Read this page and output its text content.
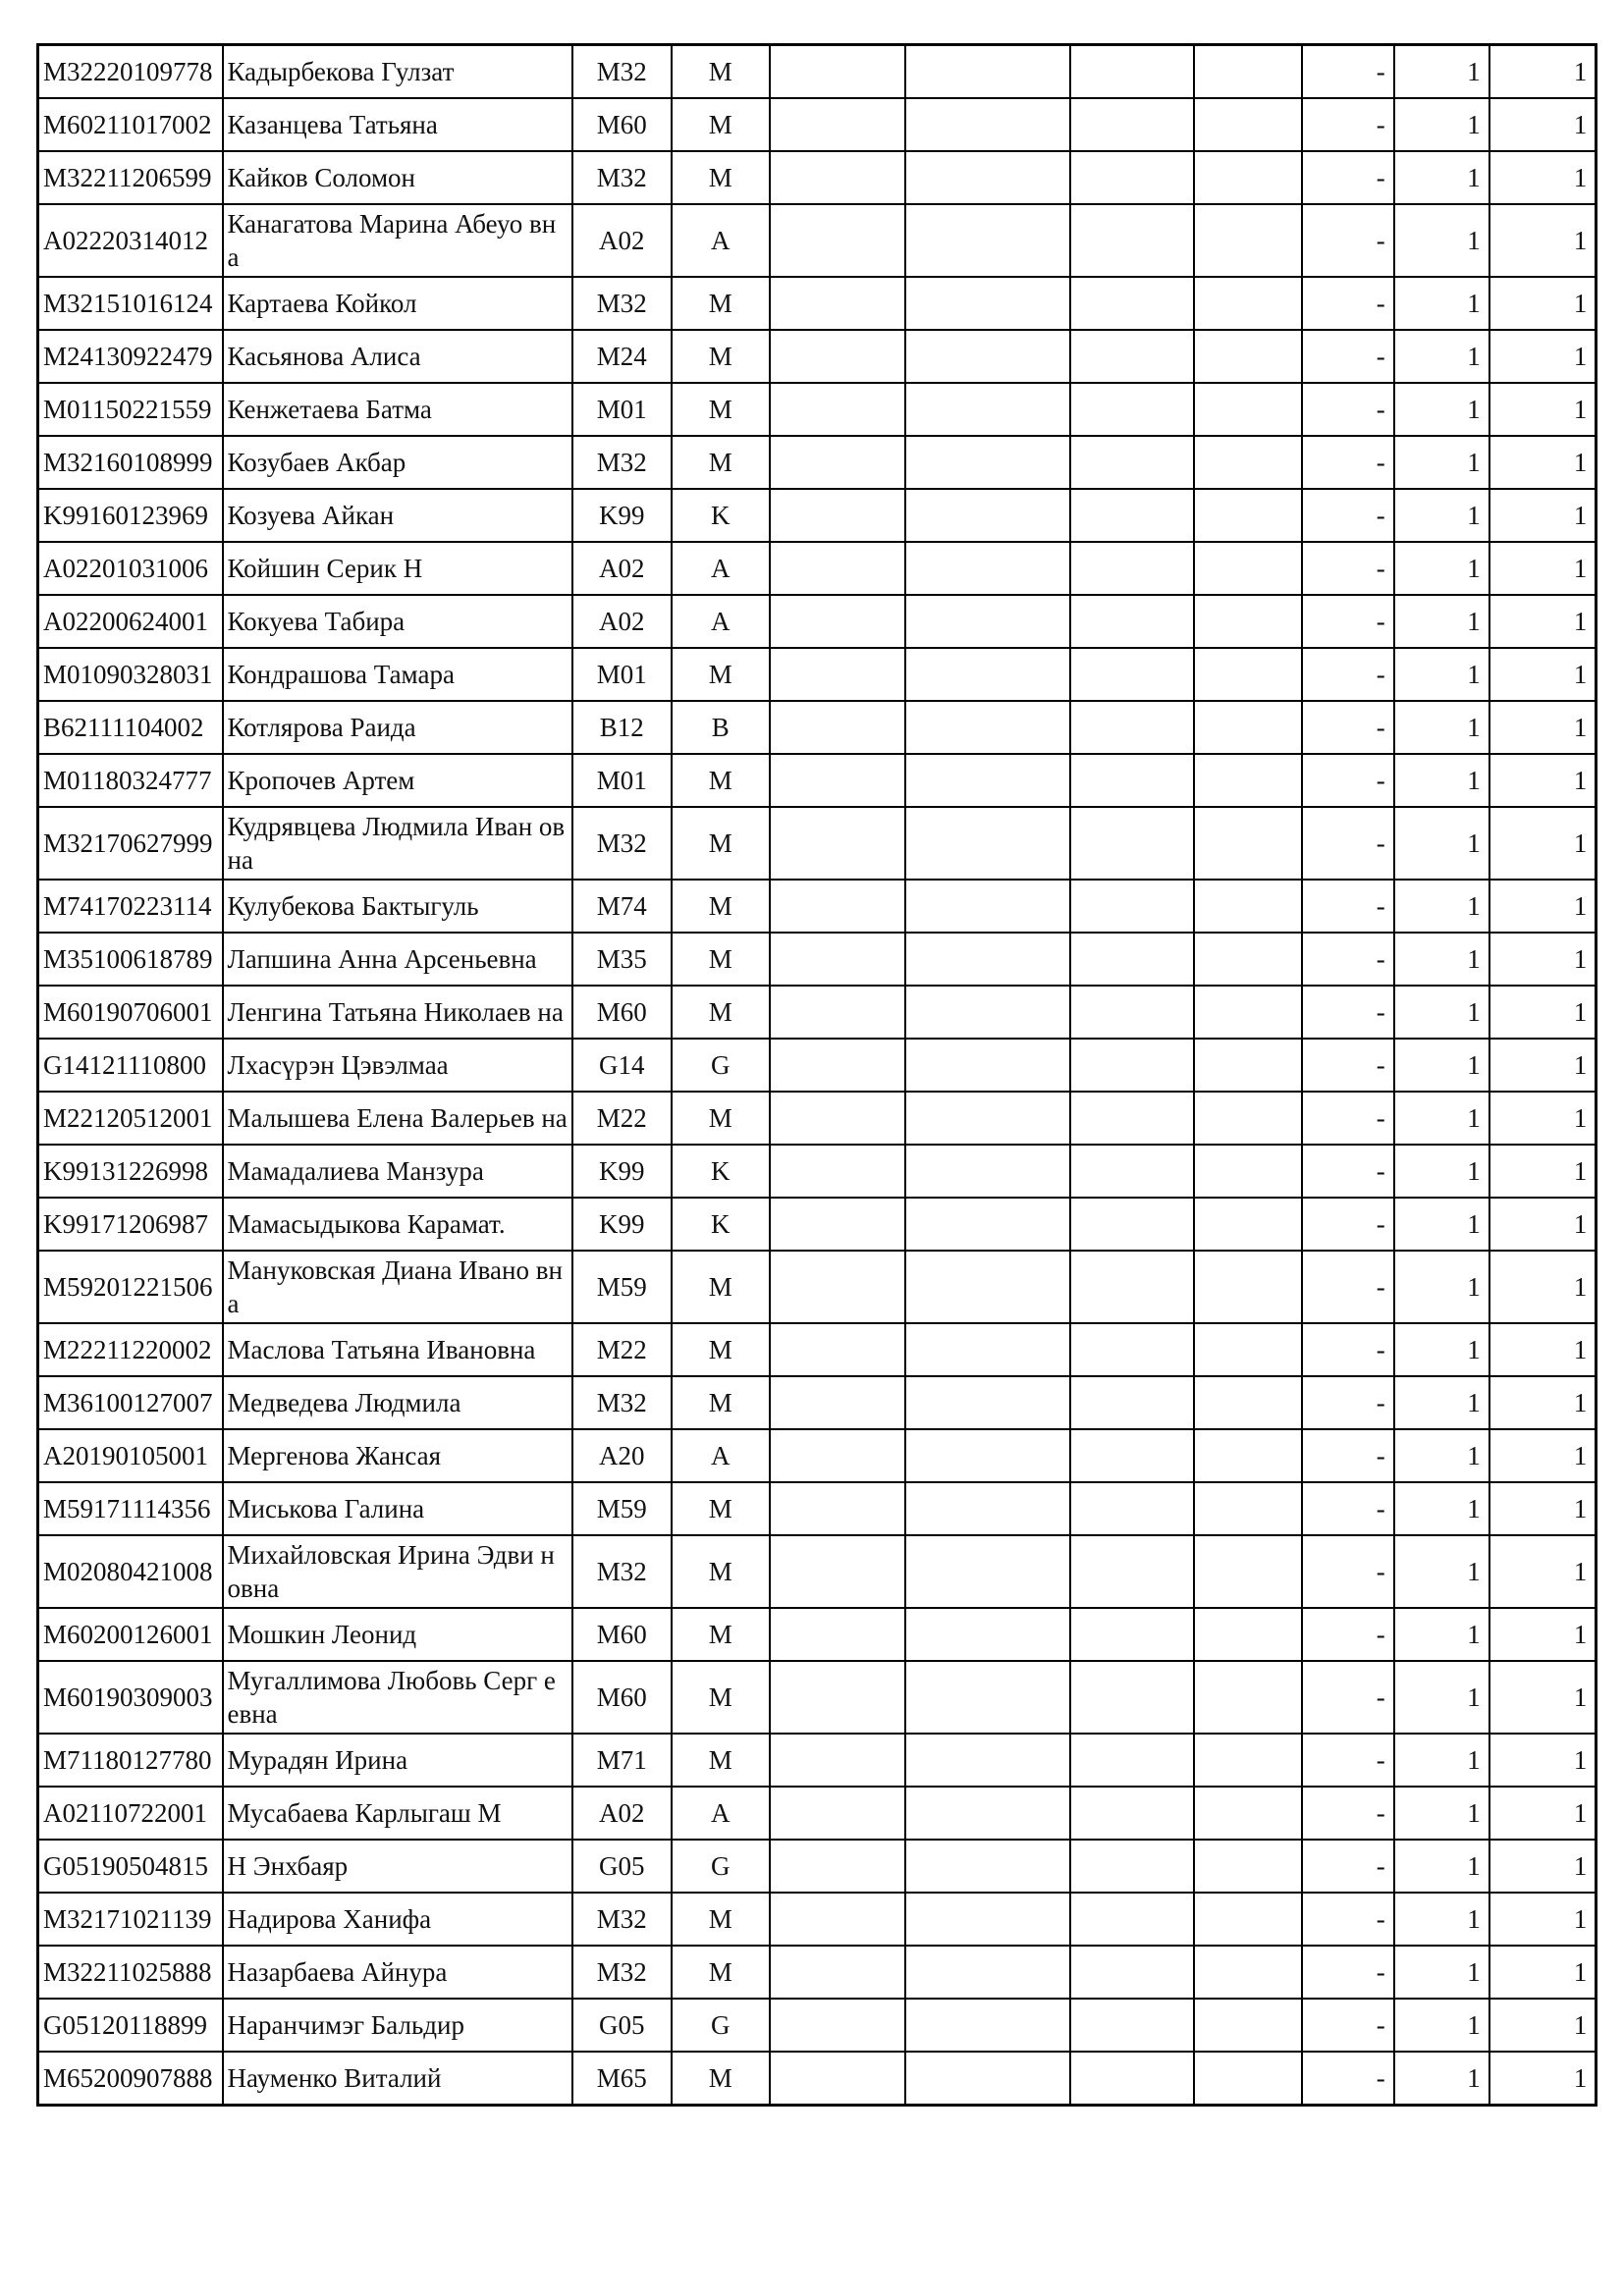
M32220109778	Кадырбекова Гулзат	M32	M					-	1	1
M60211017002	Казанцева Татьяна	M60	M					-	1	1
M32211206599	Кайков Соломон	M32	M					-	1	1
A02220314012	Канагатова Марина Абеуо вна	A02	A					-	1	1
M32151016124	Картаева Койкол	M32	M					-	1	1
M24130922479	Касьянова Алиса	M24	M					-	1	1
M01150221559	Кенжетаева Батма	M01	M					-	1	1
M32160108999	Козубаев Акбар	M32	M					-	1	1
K99160123969	Козуева Айкан	K99	K					-	1	1
A02201031006	Койшин Серик Н	A02	A					-	1	1
A02200624001	Кокуева Табира	A02	A					-	1	1
M01090328031	Кондрашова Тамара	M01	M					-	1	1
B62111104002	Котлярова Раида	B12	B					-	1	1
M01180324777	Кропочев Артем	M01	M					-	1	1
M32170627999	Кудрявцева Людмила Иван овна	M32	M					-	1	1
M74170223114	Кулубекова Бактыгуль	M74	M					-	1	1
M35100618789	Лапшина Анна Арсеньевна	M35	M					-	1	1
M60190706001	Ленгина Татьяна Николаев на	M60	M					-	1	1
G14121110800	Лхасүрэн Цэвэлмаа	G14	G					-	1	1
M22120512001	Малышева Елена Валерьев на	M22	M					-	1	1
K99131226998	Мамадалиева Манзура	K99	K					-	1	1
K99171206987	Мамасыдыкова Карамат.	K99	K					-	1	1
M59201221506	Мануковская Диана Ивано вна	M59	M					-	1	1
M22211220002	Маслова Татьяна Ивановна	M22	M					-	1	1
M36100127007	Медведева Людмила	M32	M					-	1	1
A20190105001	Мергенова Жансая	A20	A					-	1	1
M59171114356	Миськова Галина	M59	M					-	1	1
M02080421008	Михайловская Ирина Эдви новна	M32	M					-	1	1
M60200126001	Мошкин Леонид	M60	M					-	1	1
M60190309003	Мугаллимова Любовь Серг еевна	M60	M					-	1	1
M71180127780	Мурадян Ирина	M71	M					-	1	1
A02110722001	Мусабаева Карлыгаш М	A02	A					-	1	1
G05190504815	Н Энхбаяр	G05	G					-	1	1
M32171021139	Надирова Ханифа	M32	M					-	1	1
M32211025888	Назарбаева Айнура	M32	M					-	1	1
G05120118899	Наранчимэг Бальдир	G05	G					-	1	1
M65200907888	Науменко Виталий	M65	M					-	1	1
